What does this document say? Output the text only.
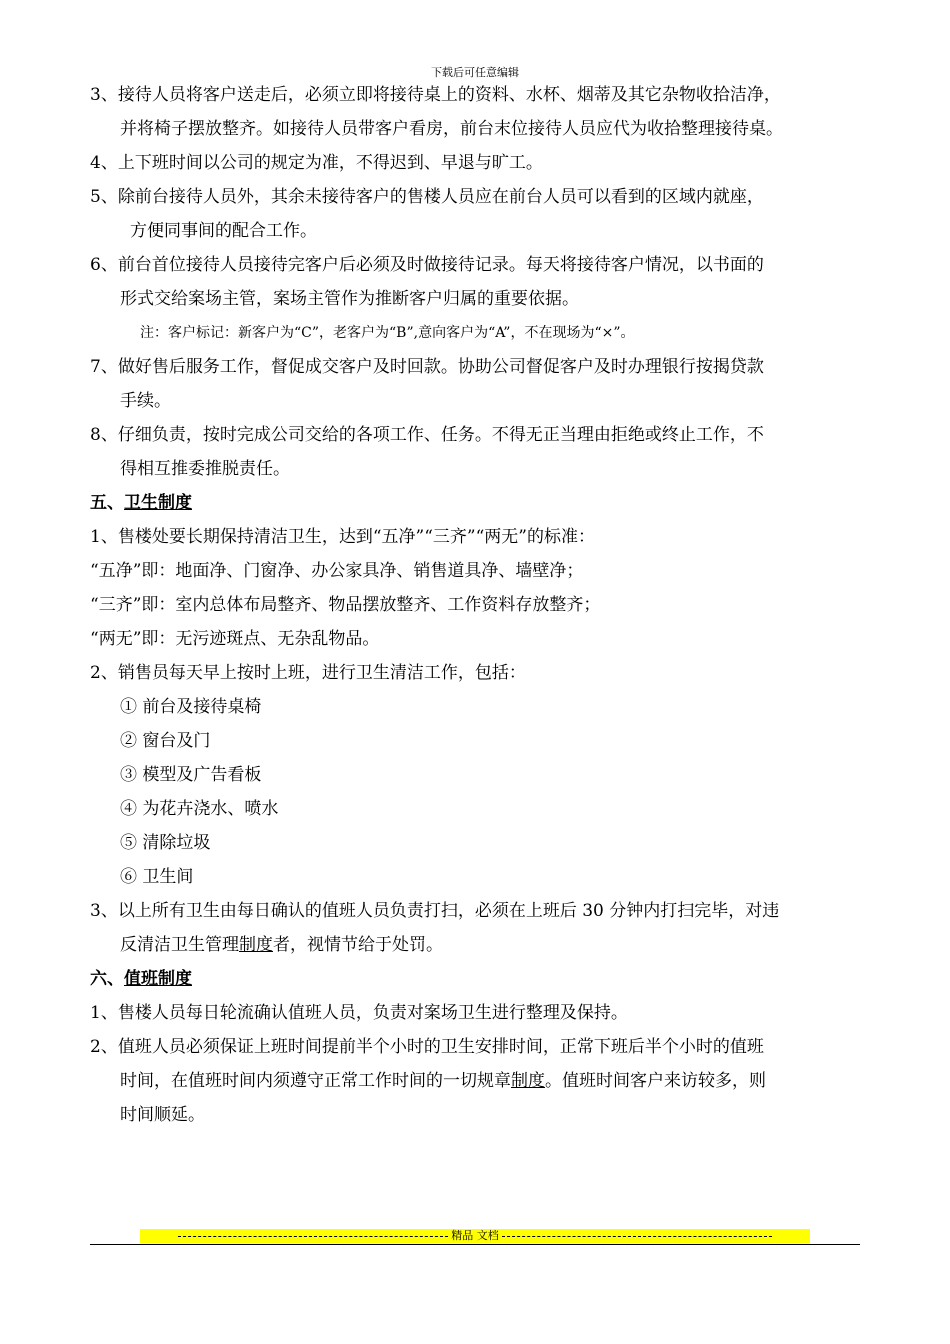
下载后可任意编辑
3、接待人员将客户送走后，必须立即将接待桌上的资料、水杯、烟蒂及其它杂物收拾洁净，
并将椅子摆放整齐。如接待人员带客户看房，前台末位接待人员应代为收拾整理接待桌。
4、上下班时间以公司的规定为准，不得迟到、早退与旷工。
5、除前台接待人员外，其余未接待客户的售楼人员应在前台人员可以看到的区域内就座，
方便同事间的配合工作。
6、前台首位接待人员接待完客户后必须及时做接待记录。每天将接待客户情况，以书面的
形式交给案场主管，案场主管作为推断客户归属的重要依据。
注：客户标记：新客户为“C”，老客户为“B”,意向客户为“A”，不在现场为“×”。
7、做好售后服务工作，督促成交客户及时回款。协助公司督促客户及时办理银行按揭贷款
手续。
8、仔细负责，按时完成公司交给的各项工作、任务。不得无正当理由拒绝或终止工作，不
得相互推委推脱责任。
五、卫生制度
1、售楼处要长期保持清洁卫生，达到“五净”“三齐”“两无”的标准：
“五净”即：地面净、门窗净、办公家具净、销售道具净、墙壁净；
“三齐”即：室内总体布局整齐、物品摆放整齐、工作资料存放整齐；
“两无”即：无污迹斑点、无杂乱物品。
2、销售员每天早上按时上班，进行卫生清洁工作，包括：
① 前台及接待桌椅
② 窗台及门
③ 模型及广告看板
④ 为花卉浇水、喷水
⑤ 清除垃圾
⑥ 卫生间
3、以上所有卫生由每日确认的值班人员负责打扫，必须在上班后 30 分钟内打扫完毕，对违
反清洁卫生管理制度者，视情节给于处罚。
六、值班制度
1、售楼人员每日轮流确认值班人员，负责对案场卫生进行整理及保持。
2、值班人员必须保证上班时间提前半个小时的卫生安排时间，正常下班后半个小时的值班
时间，在值班时间内须遵守正常工作时间的一切规章制度。值班时间客户来访较多，则
时间顺延。
精品 文档
